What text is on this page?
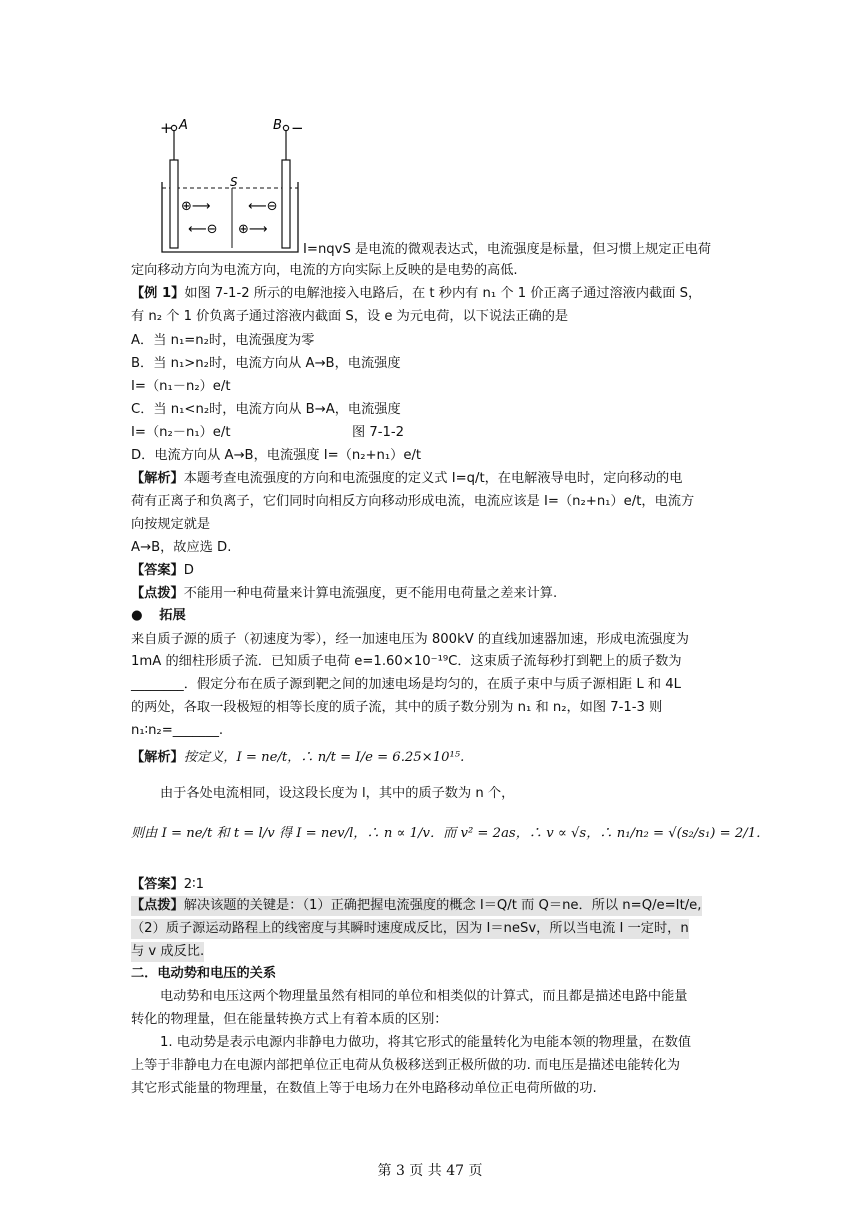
+ A	B −
S
⊕⟶	⟵⊖
⟵⊖ ⊕⟶
I=nqvS 是电流的微观表达式，电流强度是标量，但习惯上规定正电荷
定向移动方向为电流方向，电流的方向实际上反映的是电势的高低.
【例 1】如图 7-1-2 所示的电解池接入电路后，在 t 秒内有 n₁ 个 1 价正离子通过溶液内截面 S，
有 n₂ 个 1 价负离子通过溶液内截面 S，设 e 为元电荷，以下说法正确的是
A．当 n₁=n₂时，电流强度为零
B．当 n₁>n₂时，电流方向从 A→B，电流强度
I=（n₁－n₂）e/t
C．当 n₁<n₂时，电流方向从 B→A，电流强度
I=（n₂－n₁）e/t	图 7-1-2
D．电流方向从 A→B，电流强度 I=（n₂+n₁）e/t
【解析】本题考查电流强度的方向和电流强度的定义式 I=q/t，在电解液导电时，定向移动的电
荷有正离子和负离子，它们同时向相反方向移动形成电流，电流应该是 I=（n₂+n₁）e/t，电流方
向按规定就是
A→B，故应选 D.
【答案】D
【点拨】不能用一种电荷量来计算电流强度，更不能用电荷量之差来计算.
● 拓展
来自质子源的质子（初速度为零），经一加速电压为 800kV 的直线加速器加速，形成电流强度为
1mA 的细柱形质子流．已知质子电荷 e=1.60×10⁻¹⁹C．这束质子流每秒打到靶上的质子数为
________．假定分布在质子源到靶之间的加速电场是均匀的，在质子束中与质子源相距 L 和 4L
的两处，各取一段极短的相等长度的质子流，其中的质子数分别为 n₁ 和 n₂，如图 7-1-3 则
n₁∶n₂=_______.
【解析】按定义，I = ne/t，∴ n/t = I/e = 6.25×10¹⁵.
由于各处电流相同，设这段长度为 l，其中的质子数为 n 个，
则由 I = ne/t 和 t = l/v 得 I = nev/l，∴ n ∝ 1/v．而 v² = 2as，∴ v ∝ √s，∴ n₁/n₂ = √(s₂/s₁) = 2/1．
【答案】2∶1
【点拨】解决该题的关键是：（1）正确把握电流强度的概念 I＝Q/t 而 Q＝ne．所以 n=Q/e=It/e,
（2）质子源运动路程上的线密度与其瞬时速度成反比，因为 I＝neSv，所以当电流 I 一定时，n
与 v 成反比.
二．电动势和电压的关系
电动势和电压这两个物理量虽然有相同的单位和相类似的计算式，而且都是描述电路中能量
转化的物理量，但在能量转换方式上有着本质的区别：
1. 电动势是表示电源内非静电力做功，将其它形式的能量转化为电能本领的物理量，在数值
上等于非静电力在电源内部把单位正电荷从负极移送到正极所做的功. 而电压是描述电能转化为
其它形式能量的物理量，在数值上等于电场力在外电路移动单位正电荷所做的功.
第 3 页 共 47 页
